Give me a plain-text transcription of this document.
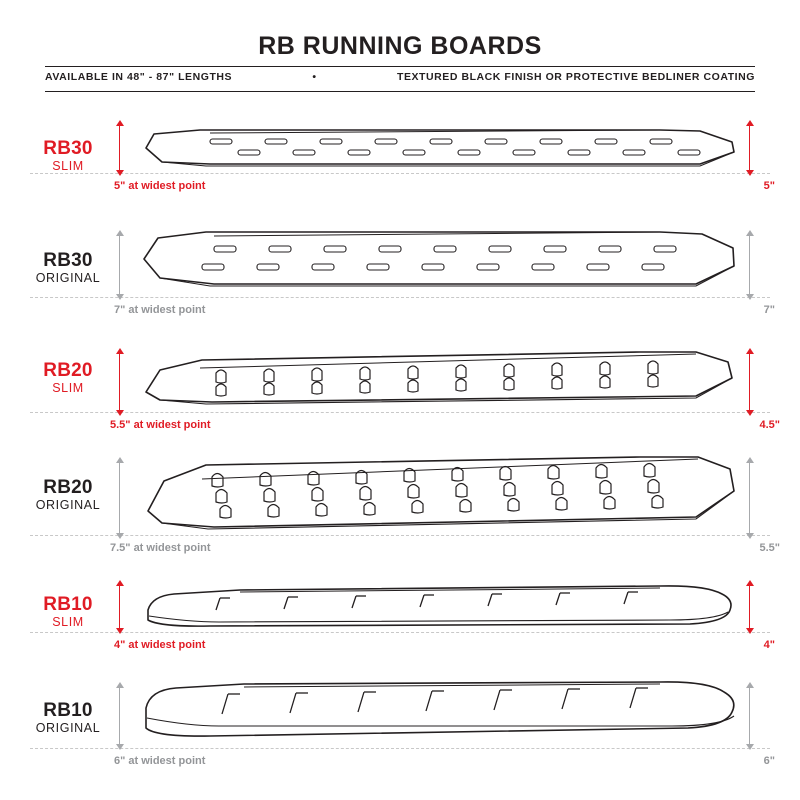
RB RUNNING BOARDS
AVAILABLE IN 48" - 87" LENGTHS	•	TEXTURED BLACK FINISH OR PROTECTIVE BEDLINER COATING
RB30
SLIM
5" at widest point	5"
RB30
ORIGINAL
7" at widest point	7"
RB20
SLIM
5.5" at widest point	4.5"
RB20
ORIGINAL
7.5" at widest point	5.5"
RB10
SLIM
4" at widest point	4"
RB10
ORIGINAL
6" at widest point	6"
